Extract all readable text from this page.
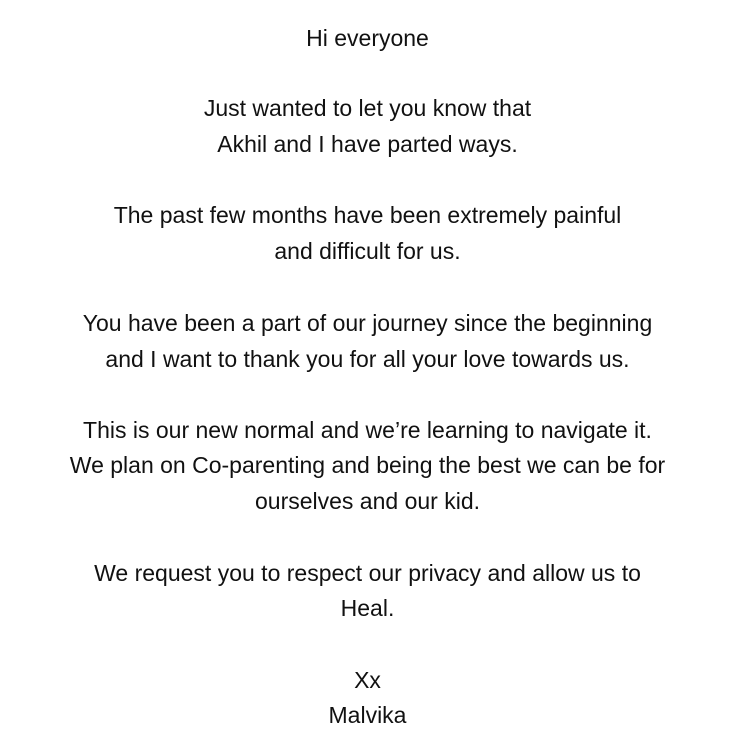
Hi everyone
Just wanted to let you know that
Akhil and I have parted ways.
The past few months have been extremely painful
and difficult for us.
You have been a part of our journey since the beginning
and I want to thank you for all your love towards us.
This is our new normal and we’re learning to navigate it.
We plan on Co-parenting and being the best we can be for
ourselves and our kid.
We request you to respect our privacy and allow us to
Heal.
Xx
Malvika
